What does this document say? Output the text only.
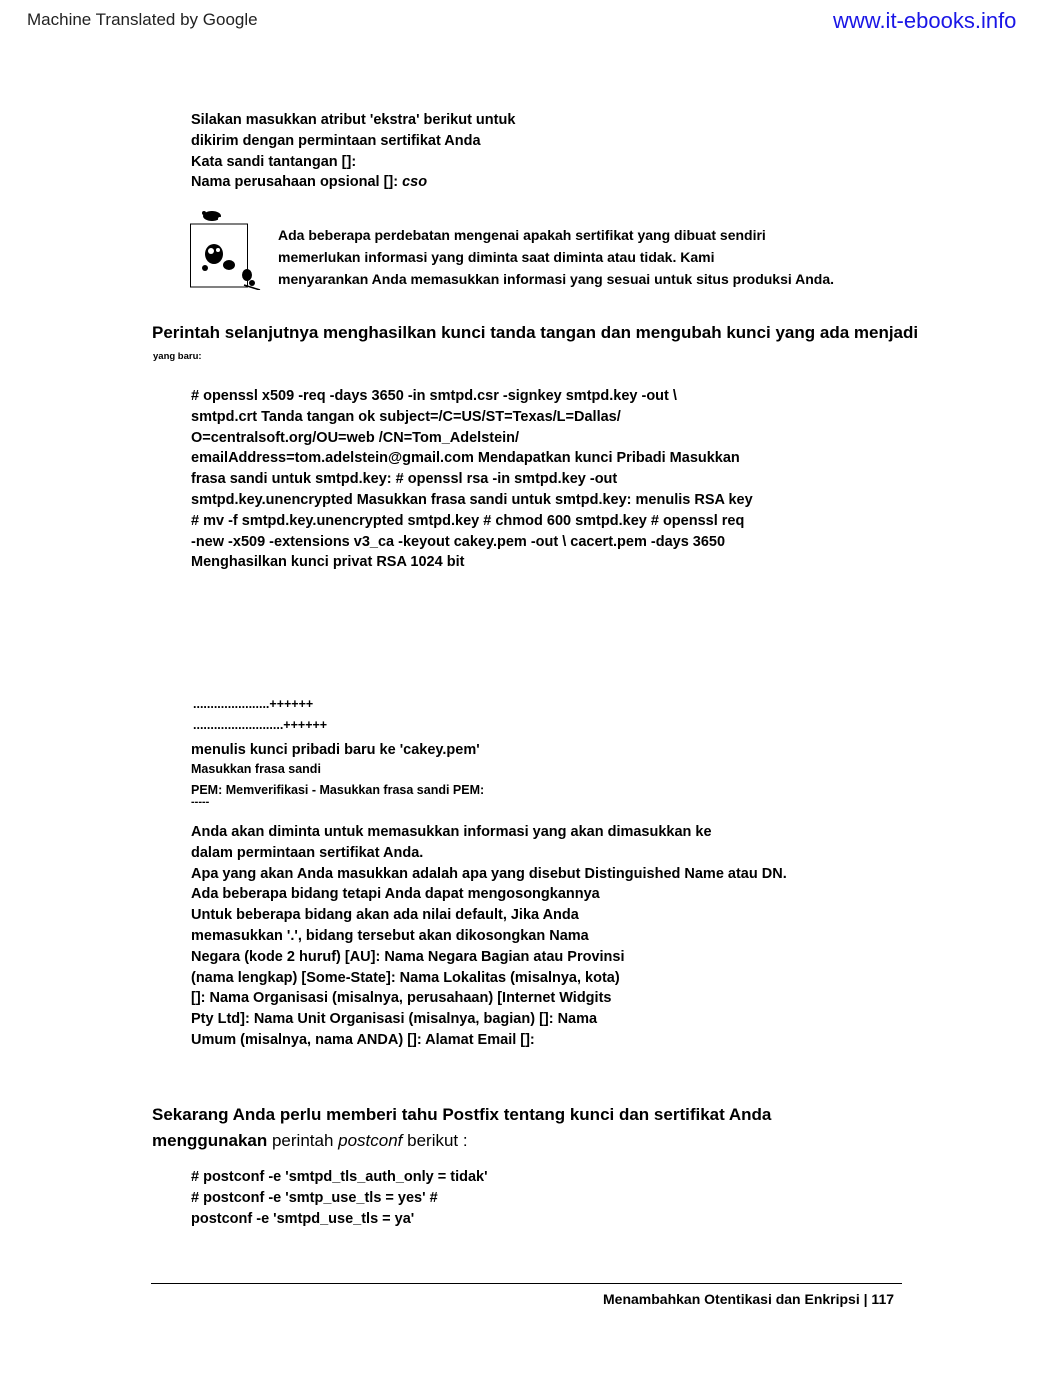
Machine Translated by Google	www.it-ebooks.info
Silakan masukkan atribut 'ekstra' berikut untuk
dikirim dengan permintaan sertifikat Anda
Kata sandi tantangan []:
Nama perusahaan opsional []: cso
Ada beberapa perdebatan mengenai apakah sertifikat yang dibuat sendiri
memerlukan informasi yang diminta saat diminta atau tidak. Kami
menyarankan Anda memasukkan informasi yang sesuai untuk situs produksi Anda.
Perintah selanjutnya menghasilkan kunci tanda tangan dan mengubah kunci yang ada menjadi
yang baru:
# openssl x509 -req -days 3650 -in smtpd.csr -signkey smtpd.key -out \
smtpd.crt Tanda tangan ok subject=/C=US/ST=Texas/L=Dallas/
O=centralsoft.org/OU=web /CN=Tom_Adelstein/
emailAddress=tom.adelstein@gmail.com Mendapatkan kunci Pribadi Masukkan
frasa sandi untuk smtpd.key: # openssl rsa -in smtpd.key -out
smtpd.key.unencrypted Masukkan frasa sandi untuk smtpd.key: menulis RSA key
# mv -f smtpd.key.unencrypted smtpd.key # chmod 600 smtpd.key # openssl req
-new -x509 -extensions v3_ca -keyout cakey.pem -out \ cacert.pem -days 3650
Menghasilkan kunci privat RSA 1024 bit
......................++++++
..........................++++++
menulis kunci pribadi baru ke 'cakey.pem'
Masukkan frasa sandi
PEM: Memverifikasi - Masukkan frasa sandi PEM:
-----
Anda akan diminta untuk memasukkan informasi yang akan dimasukkan ke
dalam permintaan sertifikat Anda.
Apa yang akan Anda masukkan adalah apa yang disebut Distinguished Name atau DN.
Ada beberapa bidang tetapi Anda dapat mengosongkannya
Untuk beberapa bidang akan ada nilai default, Jika Anda
memasukkan '.', bidang tersebut akan dikosongkan Nama
Negara (kode 2 huruf) [AU]: Nama Negara Bagian atau Provinsi
(nama lengkap) [Some-State]: Nama Lokalitas (misalnya, kota)
[]: Nama Organisasi (misalnya, perusahaan) [Internet Widgits
Pty Ltd]: Nama Unit Organisasi (misalnya, bagian) []: Nama
Umum (misalnya, nama ANDA) []: Alamat Email []:
Sekarang Anda perlu memberi tahu Postfix tentang kunci dan sertifikat Anda
menggunakan perintah postconf berikut :
# postconf -e 'smtpd_tls_auth_only = tidak'
# postconf -e 'smtp_use_tls = yes' #
postconf -e 'smtpd_use_tls = ya'
Menambahkan Otentikasi dan Enkripsi | 117
